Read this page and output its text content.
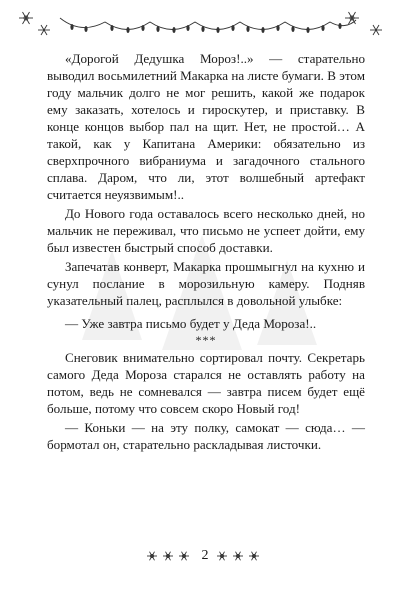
«Дорогой Дедушка Мороз!..» — старательно выводил восьмилетний Макарка на листе бумаги. В этом году мальчик долго не мог решить, какой же подарок ему заказать, хотелось и гироскутер, и приставку. В конце концов выбор пал на щит. Нет, не простой… А такой, как у Капитана Америки: обязательно из сверхпрочного вибраниума и загадочного стального сплава. Даром, что ли, этот волшебный артефакт считается неуязвимым!..

До Нового года оставалось всего несколько дней, но мальчик не переживал, что письмо не успеет дойти, ему был известен быстрый способ доставки.

Запечатав конверт, Макарка прошмыгнул на кухню и сунул послание в морозильную камеру. Подняв указательный палец, расплылся в довольной улыбке:

— Уже завтра письмо будет у Деда Мороза!..

***

Снеговик внимательно сортировал почту. Секретарь самого Деда Мороза старался не оставлять работу на потом, ведь не сомневался — завтра писем будет ещё больше, потому что совсем скоро Новый год!

— Коньки — на эту полку, самокат — сюда… — бормотал он, старательно раскладывая листочки.

2
